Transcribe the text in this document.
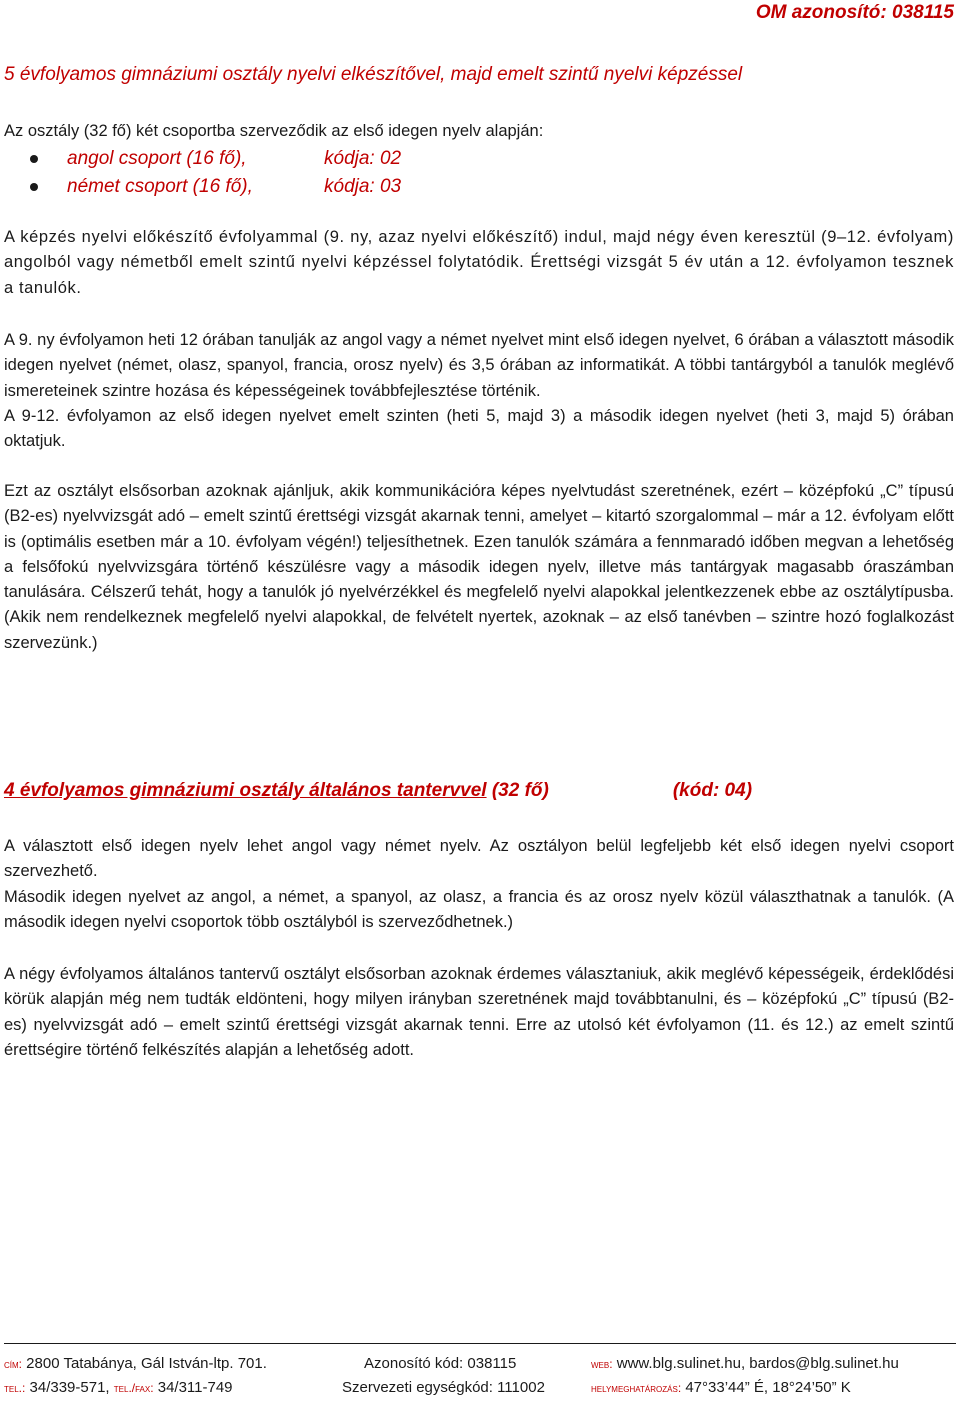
OM azonosító: 038115
5 évfolyamos gimnáziumi osztály nyelvi elkészítővel, majd emelt szintű nyelvi képzéssel
Az osztály (32 fő) két csoportba szerveződik az első idegen nyelv alapján:
angol csoport (16 fő),	kódja: 02
német csoport (16 fő),	kódja: 03
A képzés nyelvi előkészítő évfolyammal (9. ny, azaz nyelvi előkészítő) indul, majd négy éven keresztül (9–12. évfolyam) angolból vagy németből emelt szintű nyelvi képzéssel folytatódik. Érettségi vizsgát 5 év után a 12. évfolyamon tesznek a tanulók.
A 9. ny évfolyamon heti 12 órában tanulják az angol vagy a német nyelvet mint első idegen nyelvet, 6 órában a választott második idegen nyelvet (német, olasz, spanyol, francia, orosz nyelv) és 3,5 órában az informatikát. A többi tantárgyból a tanulók meglévő ismereteinek szintre hozása és képességeinek továbbfejlesztése történik.
A 9-12. évfolyamon az első idegen nyelvet emelt szinten (heti 5, majd 3) a második idegen nyelvet (heti 3, majd 5) órában oktatjuk.
Ezt az osztályt elsősorban azoknak ajánljuk, akik kommunikációra képes nyelvtudást szeretnének, ezért – középfokú „C” típusú (B2-es) nyelvvizsgát adó – emelt szintű érettségi vizsgát akarnak tenni, amelyet – kitartó szorgalommal – már a 12. évfolyam előtt is (optimális esetben már a 10. évfolyam végén!) teljesíthetnek. Ezen tanulók számára a fennmaradó időben megvan a lehetőség a felsőfokú nyelvvizsgára történő készülésre vagy a második idegen nyelv, illetve más tantárgyak magasabb óraszámban tanulására. Célszerű tehát, hogy a tanulók jó nyelvérzékkel és megfelelő nyelvi alapokkal jelentkezzenek ebbe az osztálytípusba. (Akik nem rendelkeznek megfelelő nyelvi alapokkal, de felvételt nyertek, azoknak – az első tanévben – szintre hozó foglalkozást szervezünk.)
4 évfolyamos gimnáziumi osztály általános tantervvel (32 fő)	(kód: 04)
A választott első idegen nyelv lehet angol vagy német nyelv. Az osztályon belül legfeljebb két első idegen nyelvi csoport szervezhető.
Második idegen nyelvet az angol, a német, a spanyol, az olasz, a francia és az orosz nyelv közül választhatnak a tanulók. (A második idegen nyelvi csoportok több osztályból is szerveződhetnek.)
A négy évfolyamos általános tantervű osztályt elsősorban azoknak érdemes választaniuk, akik meglévő képességeik, érdeklődési körük alapján még nem tudták eldönteni, hogy milyen irányban szeretnének majd továbbtanulni, és – középfokú „C” típusú (B2-es) nyelvvizsgát adó – emelt szintű érettségi vizsgát akarnak tenni. Erre az utolsó két évfolyamon (11. és 12.) az emelt szintű érettségire történő felkészítés alapján a lehetőség adott.
cím: 2800 Tatabánya, Gál István-ltp. 701.	Azonosító kód: 038115	web: www.blg.sulinet.hu, bardos@blg.sulinet.hu
tel.: 34/339-571, tel./fax: 34/311-749	Szervezeti egységkód: 111002	helymeghatározás: 47°33’44” É, 18°24’50” K
